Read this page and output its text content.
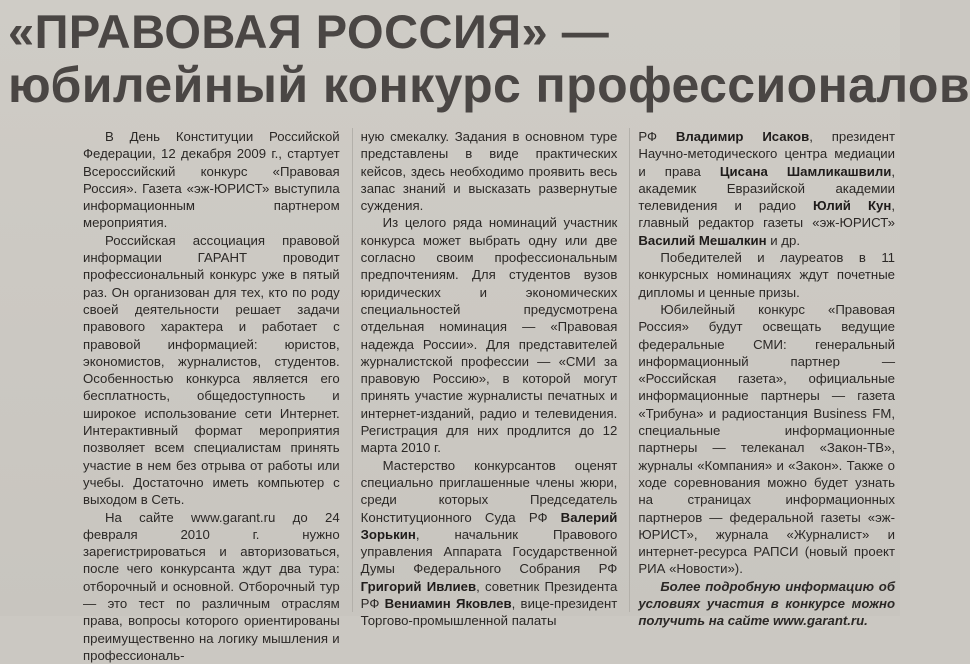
«ПРАВОВАЯ РОССИЯ» —
юбилейный конкурс профессионалов

В День Конституции Российской Федерации, 12 декабря 2009 г., стартует Всероссийский конкурс «Правовая Россия». Газета «эж-ЮРИСТ» выступила информационным партнером мероприятия.

Российская ассоциация правовой информации ГАРАНТ проводит профессиональный конкурс уже в пятый раз. Он организован для тех, кто по роду своей деятельности решает задачи правового характера и работает с правовой информацией: юристов, экономистов, журналистов, студентов. Особенностью конкурса является его бесплатность, общедоступность и широкое использование сети Интернет. Интерактивный формат мероприятия позволяет всем специалистам принять участие в нем без отрыва от работы или учебы. Достаточно иметь компьютер с выходом в Сеть.

На сайте www.garant.ru до 24 февраля 2010 г. нужно зарегистрироваться и авторизоваться, после чего конкурсанта ждут два тура: отборочный и основной. Отборочный тур — это тест по различным отраслям права, вопросы которого ориентированы преимущественно на логику мышления и профессиональ-

ную смекалку. Задания в основном туре представлены в виде практических кейсов, здесь необходимо проявить весь запас знаний и высказать развернутые суждения.

Из целого ряда номинаций участник конкурса может выбрать одну или две согласно своим профессиональным предпочтениям. Для студентов вузов юридических и экономических специальностей предусмотрена отдельная номинация — «Правовая надежда России». Для представителей журналистской профессии — «СМИ за правовую Россию», в которой могут принять участие журналисты печатных и интернет-изданий, радио и телевидения. Регистрация для них продлится до 12 марта 2010 г.

Мастерство конкурсантов оценят специально приглашенные члены жюри, среди которых Председатель Конституционного Суда РФ Валерий Зорькин, начальник Правового управления Аппарата Государственной Думы Федерального Собрания РФ Григорий Ивлиев, советник Президента РФ Вениамин Яковлев, вице-президент Торгово-промышленной палаты

РФ Владимир Исаков, президент Научно-методического центра медиации и права Цисана Шамликашвили, академик Евразийской академии телевидения и радио Юлий Кун, главный редактор газеты «эж-ЮРИСТ» Василий Мешалкин и др.

Победителей и лауреатов в 11 конкурсных номинациях ждут почетные дипломы и ценные призы.

Юбилейный конкурс «Правовая Россия» будут освещать ведущие федеральные СМИ: генеральный информационный партнер — «Российская газета», официальные информационные партнеры — газета «Трибуна» и радиостанция Business FM, специальные информационные партнеры — телеканал «Закон-ТВ», журналы «Компания» и «Закон». Также о ходе соревнования можно будет узнать на страницах информационных партнеров — федеральной газеты «эж-ЮРИСТ», журнала «Журналист» и интернет-ресурса РАПСИ (новый проект РИА «Новости»).

Более подробную информацию об условиях участия в конкурсе можно получить на сайте www.garant.ru.
